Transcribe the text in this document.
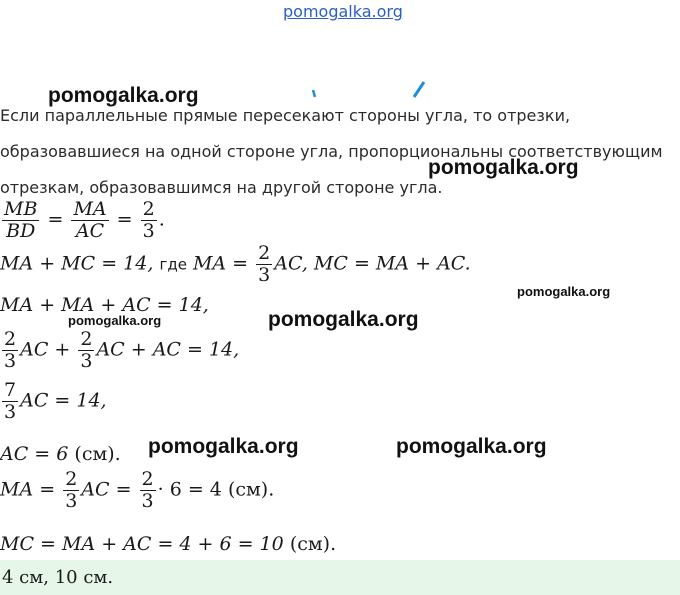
pomogalka.org
pomogalka.org
pomogalka.org
pomogalka.org
pomogalka.org	pomogalka.org
pomogalka.org	pomogalka.org
Если параллельные прямые пересекают стороны угла, то отрезки,
образовавшиеся на одной стороне угла, пропорциональны соответствующим
отрезкам, образовавшимся на другой стороне угла.
$\frac{MB}{BD} = \frac{MA}{AC} = \frac{2}{3}$ .
MA + MC = 14, где MA = $\frac{2}{3}$ AC, MC = MA + AC.
MA + MA + AC = 14,
$\frac{2}{3}$ AC + $\frac{2}{3}$ AC + AC = 14,
$\frac{7}{3}$ AC = 14,
AC = 6 (см).
MA = $\frac{2}{3}$ AC = $\frac{2}{3} \cdot 6 = 4$ (см).
MC = MA + AC = 4 + 6 = 10 (см).
4 см, 10 см.
